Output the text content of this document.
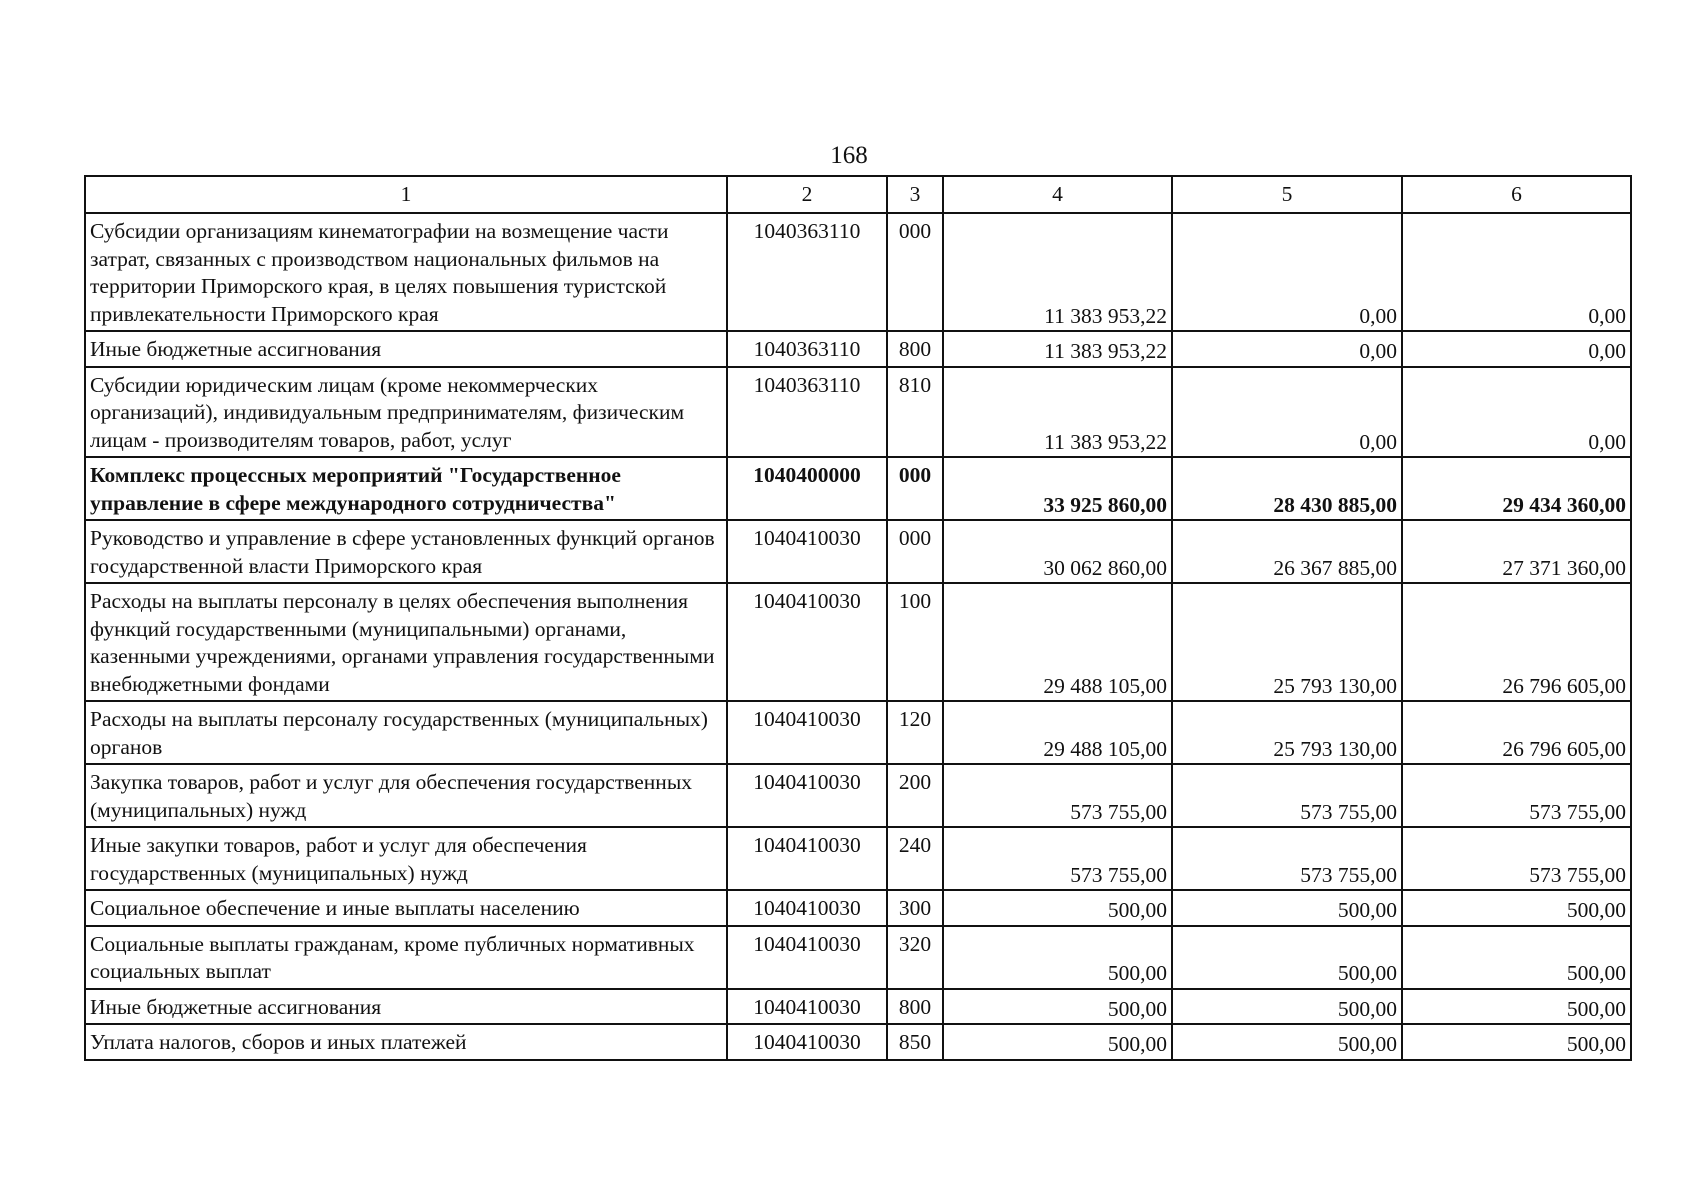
168
1	2	3	4	5	6
Субсидии организациям кинематографии на возмещение части затрат, связанных с производством национальных фильмов на территории Приморского края, в целях повышения туристской привлекательности Приморского края	1040363110	000	11 383 953,22	0,00	0,00
Иные бюджетные ассигнования	1040363110	800	11 383 953,22	0,00	0,00
Субсидии юридическим лицам (кроме некоммерческих организаций), индивидуальным предпринимателям, физическим лицам - производителям товаров, работ, услуг	1040363110	810	11 383 953,22	0,00	0,00
Комплекс процессных мероприятий "Государственное управление в сфере международного сотрудничества"	1040400000	000	33 925 860,00	28 430 885,00	29 434 360,00
Руководство и управление в сфере установленных функций органов государственной власти Приморского края	1040410030	000	30 062 860,00	26 367 885,00	27 371 360,00
Расходы на выплаты персоналу в целях обеспечения выполнения функций государственными (муниципальными) органами, казенными учреждениями, органами управления государственными внебюджетными фондами	1040410030	100	29 488 105,00	25 793 130,00	26 796 605,00
Расходы на выплаты персоналу государственных (муниципальных) органов	1040410030	120	29 488 105,00	25 793 130,00	26 796 605,00
Закупка товаров, работ и услуг для обеспечения государственных (муниципальных) нужд	1040410030	200	573 755,00	573 755,00	573 755,00
Иные закупки товаров, работ и услуг для обеспечения государственных (муниципальных) нужд	1040410030	240	573 755,00	573 755,00	573 755,00
Социальное обеспечение и иные выплаты населению	1040410030	300	500,00	500,00	500,00
Социальные выплаты гражданам, кроме публичных нормативных социальных выплат	1040410030	320	500,00	500,00	500,00
Иные бюджетные ассигнования	1040410030	800	500,00	500,00	500,00
Уплата налогов, сборов и иных платежей	1040410030	850	500,00	500,00	500,00
